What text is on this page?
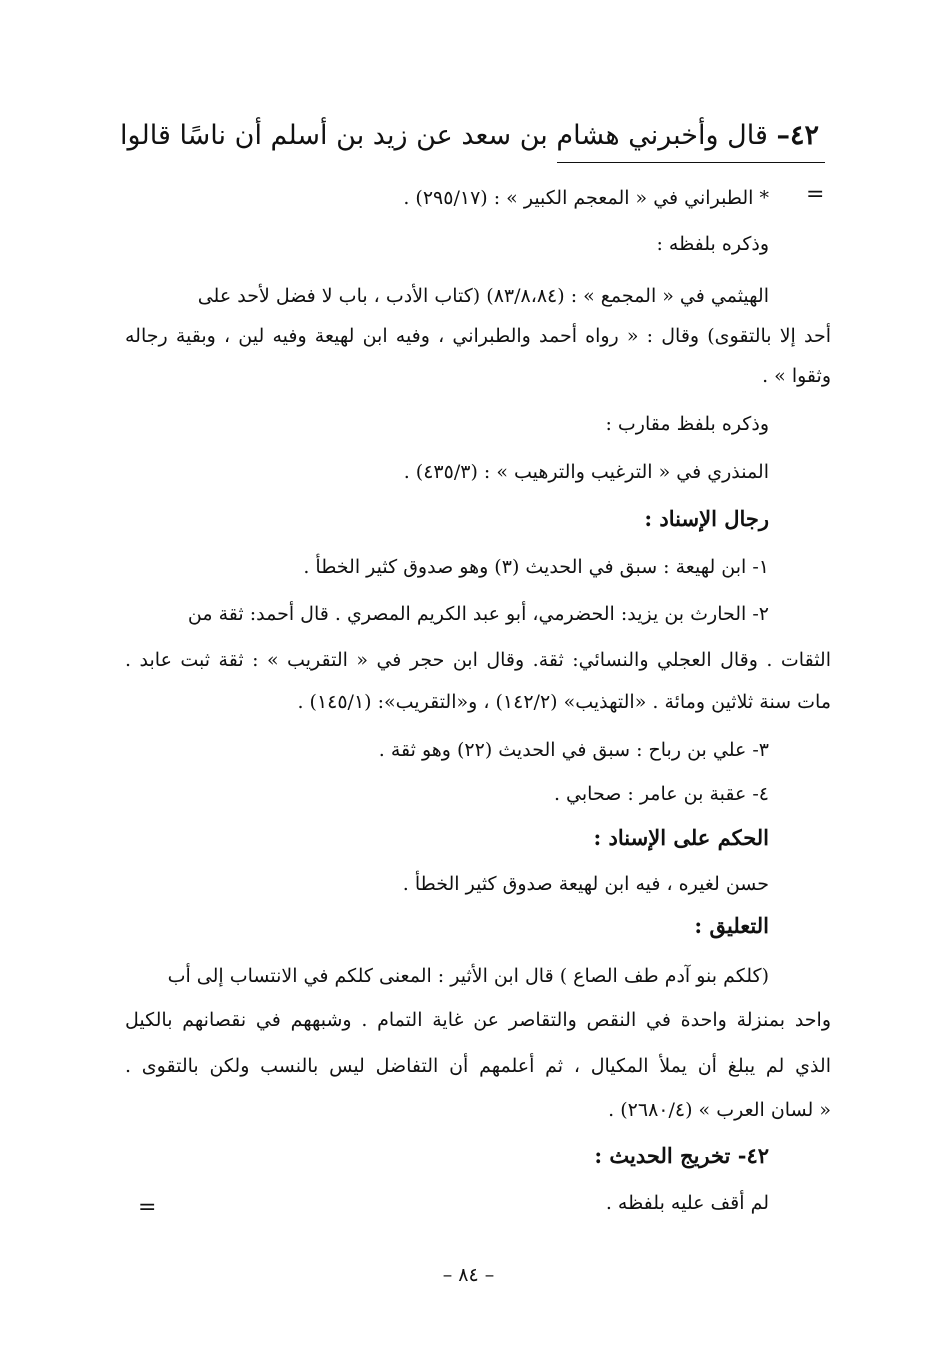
٤٢– قال وأخبرني هشام بن سعد عن زيد بن أسلم أن ناسًا قالوا
=
* الطبراني في « المعجم الكبير » : (٢٩٥/١٧) .
وذكره بلفظه :
الهيثمي في « المجمع » : (٨٣/٨،٨٤) (كتاب الأدب ، باب لا فضل لأحد على
أحد إلا بالتقوى) وقال : « رواه أحمد والطبراني ، وفيه ابن لهيعة وفيه لين ، وبقية رجاله
وثقوا » .
وذكره بلفظ مقارب :
المنذري في « الترغيب والترهيب » : (٤٣٥/٣) .
رجال الإسناد :
١- ابن لهيعة : سبق في الحديث (٣) وهو صدوق كثير الخطأ .
٢- الحارث بن يزيد: الحضرمي، أبو عبد الكريم المصري . قال أحمد: ثقة من
الثقات . وقال العجلي والنسائي: ثقة. وقال ابن حجر في « التقريب » : ثقة ثبت عابد .
مات سنة ثلاثين ومائة . «التهذيب» (١٤٢/٢) ، و«التقريب»: (١٤٥/١) .
٣- علي بن رباح : سبق في الحديث (٢٢) وهو ثقة .
٤- عقبة بن عامر : صحابي .
الحكم على الإسناد :
حسن لغيره ، فيه ابن لهيعة صدوق كثير الخطأ .
التعليق :
(كلكم بنو آدم طف الصاع ) قال ابن الأثير : المعنى كلكم في الانتساب إلى أب
واحد بمنزلة واحدة في النقص والتقاصر عن غاية التمام . وشبههم في نقصانهم بالكيل
الذي لم يبلغ أن يملأ المكيال ، ثم أعلمهم أن التفاضل ليس بالنسب ولكن بالتقوى .
« لسان العرب » (٢٦٨٠/٤) .
٤٢- تخريج الحديث :
لم أقف عليه بلفظه .
=
– ٨٤ –
